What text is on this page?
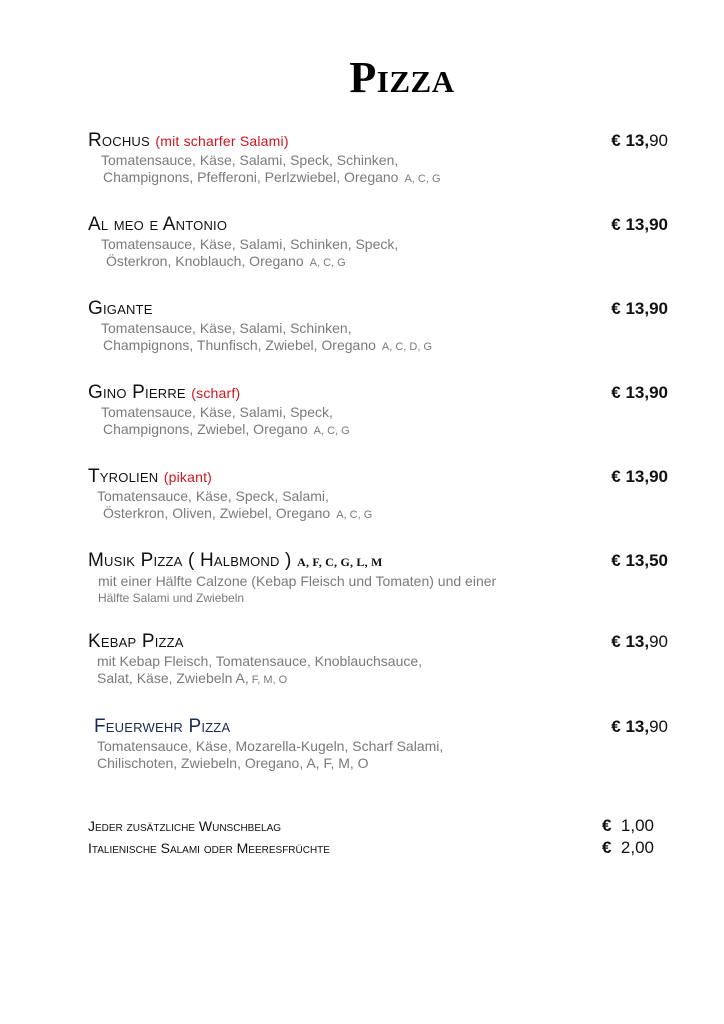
Pizza
Rochus (mit scharfer Salami)
Tomatensauce, Käse, Salami, Speck, Schinken,
Champignons, Pfefferoni, Perlzwiebel, Oregano A, C, G
€ 13,90
Al meo e Antonio
Tomatensauce, Käse, Salami, Schinken, Speck,
Österkron, Knoblauch, Oregano A, C, G
€ 13,90
Gigante
Tomatensauce, Käse, Salami, Schinken,
Champignons, Thunfisch, Zwiebel, Oregano A, C, D, G
€ 13,90
Gino Pierre (scharf)
Tomatensauce, Käse, Salami, Speck,
Champignons, Zwiebel, Oregano A, C, G
€ 13,90
Tyrolien (pikant)
Tomatensauce, Käse, Speck, Salami,
Österkron, Oliven, Zwiebel, Oregano A, C, G
€ 13,90
Musik Pizza ( Halbmond ) A, F, C, G, L, M
mit einer Hälfte Calzone (Kebap Fleisch und Tomaten) und einer
Hälfte Salami und Zwiebeln
€ 13,50
Kebap Pizza
mit Kebap Fleisch, Tomatensauce, Knoblauchsauce,
Salat, Käse, Zwiebeln A, F, M, O
€ 13,90
Feuerwehr Pizza
Tomatensauce, Käse, Mozarella-Kugeln, Scharf Salami,
Chilischoten, Zwiebeln, Oregano, A, F, M, O
€ 13,90
Jeder zusätzliche Wunschbelag	€  1,00
Italienische Salami oder Meeresfrüchte	€  2,00
